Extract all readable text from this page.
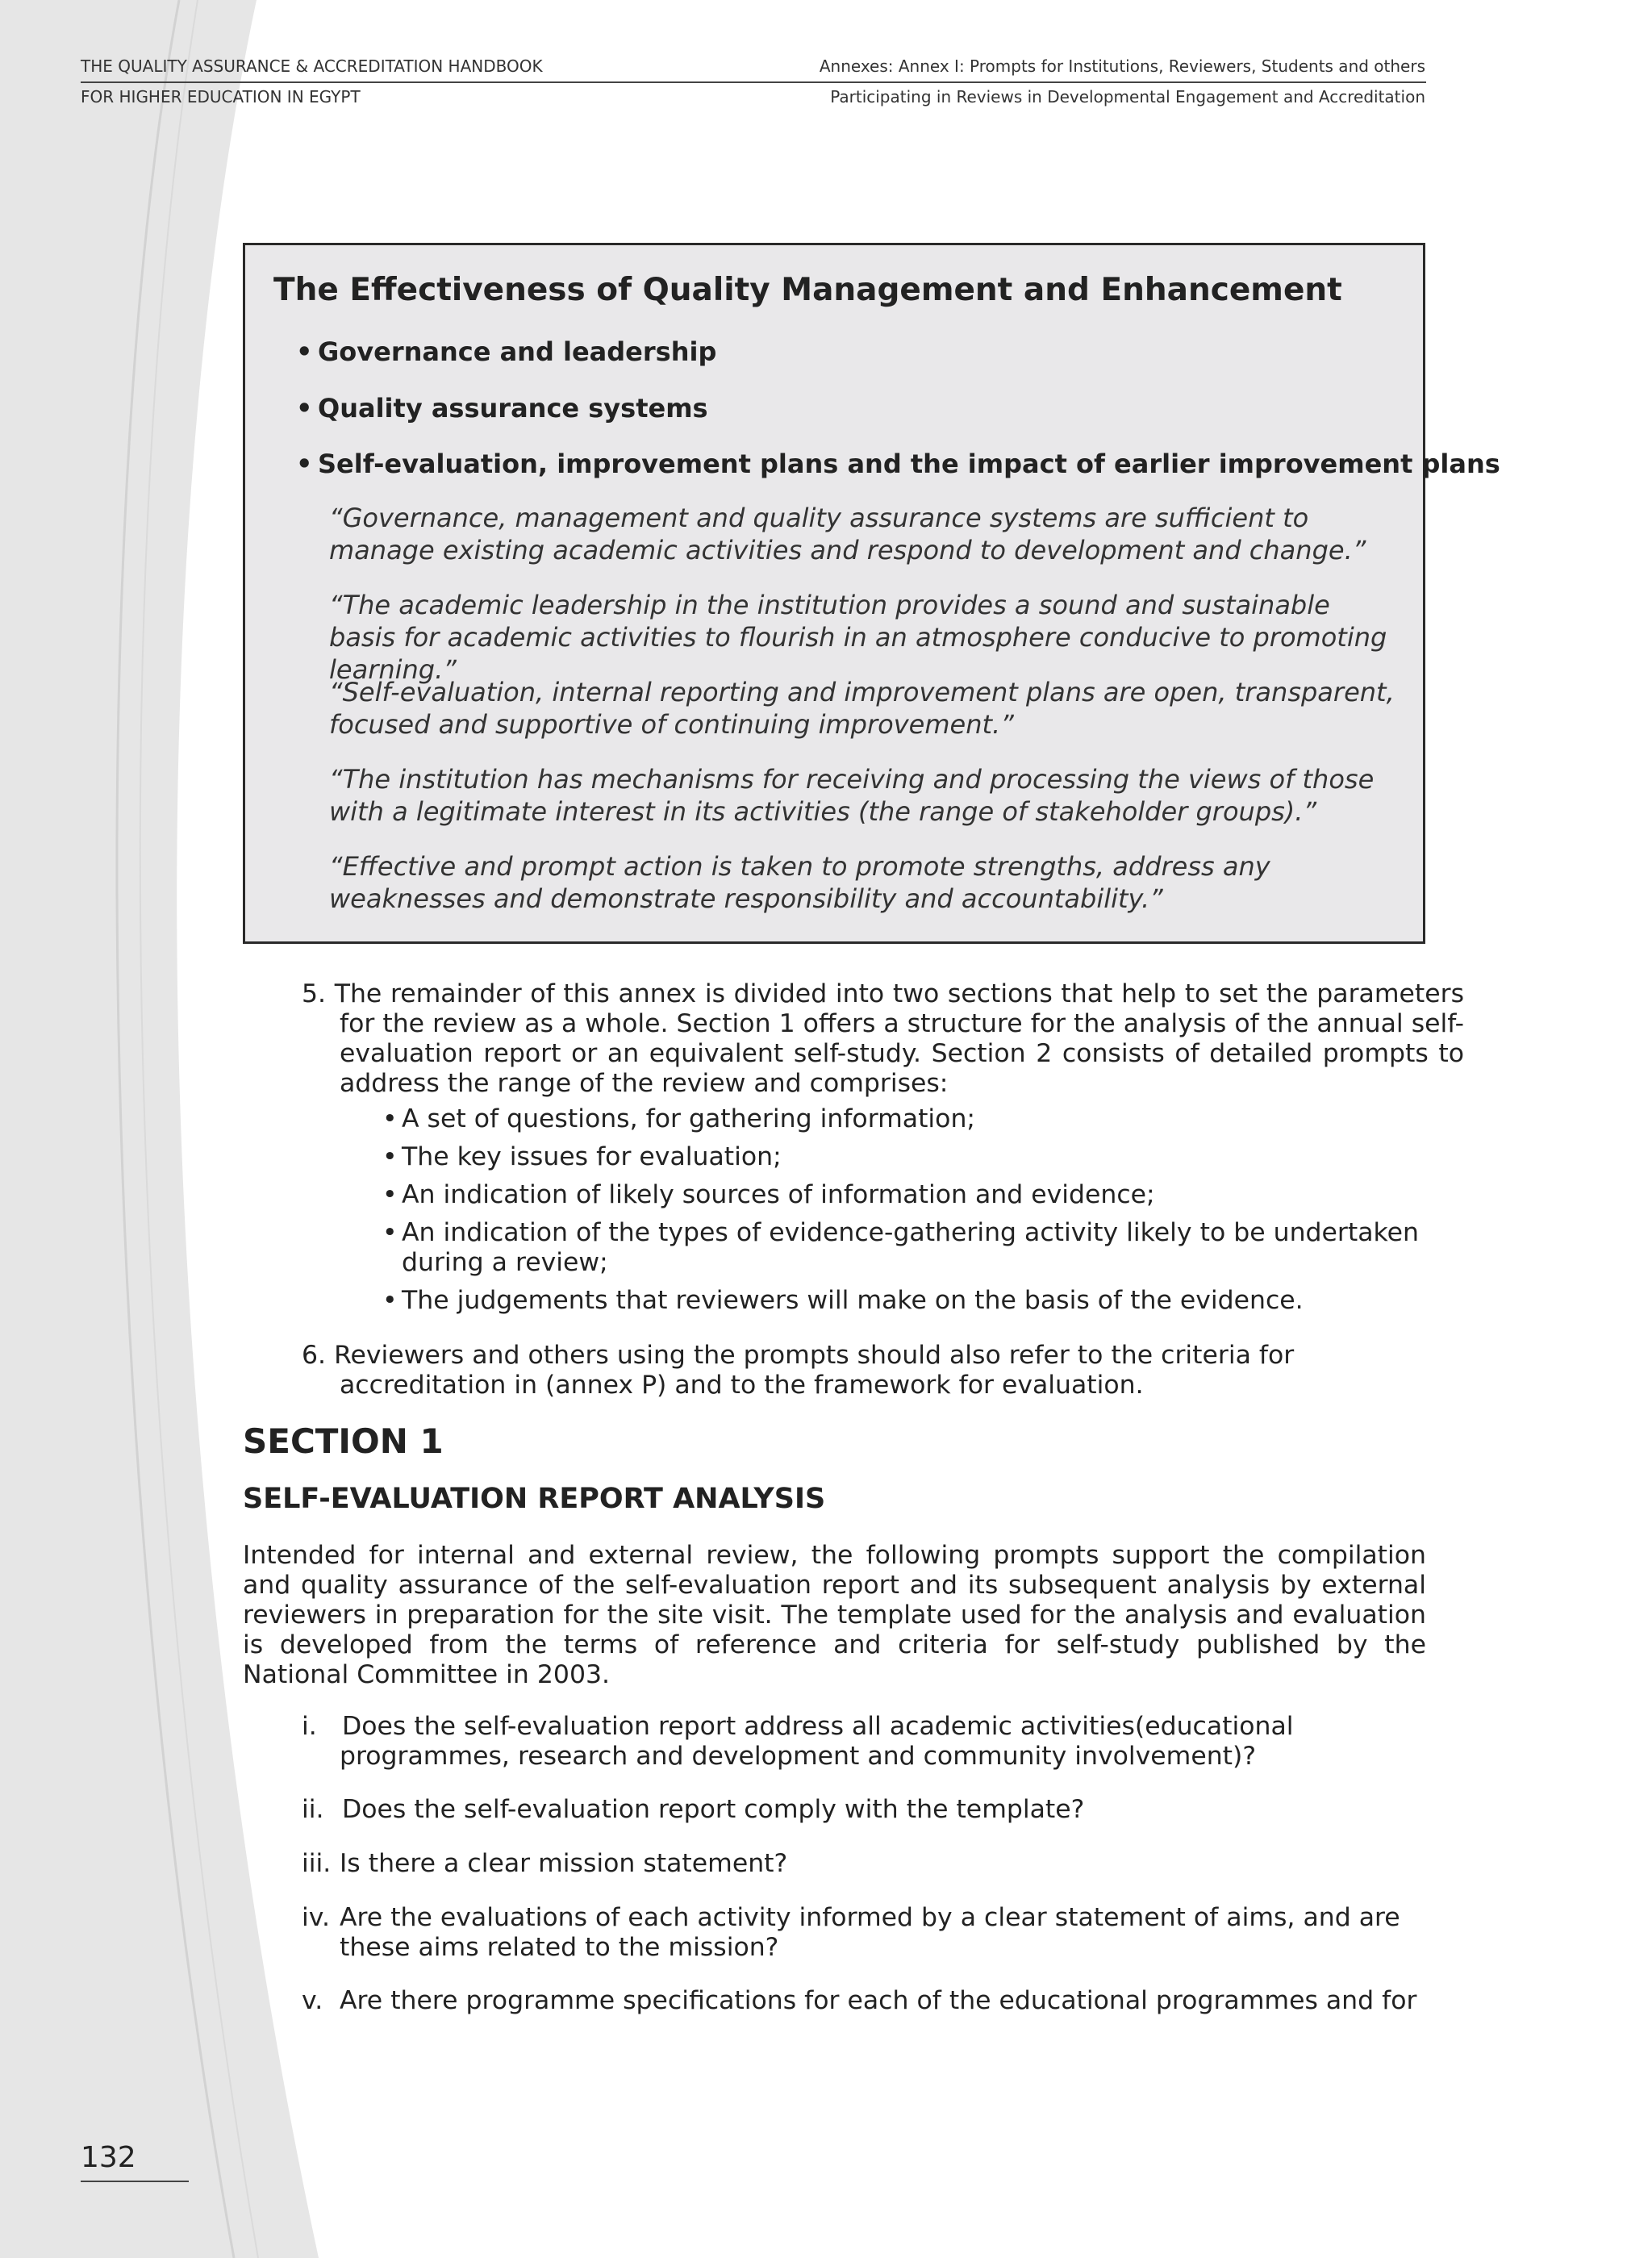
THE QUALITY ASSURANCE & ACCREDITATION HANDBOOK
FOR HIGHER EDUCATION IN EGYPT
Annexes: Annex I: Prompts for Institutions, Reviewers, Students and others
Participating in Reviews in Developmental Engagement and Accreditation
The Effectiveness of Quality Management and Enhancement
• Governance and leadership
• Quality assurance systems
• Self-evaluation, improvement plans and the impact of earlier improvement plans
“Governance, management and quality assurance systems are sufficient to manage existing academic activities and respond to development and change.”
“The academic leadership in the institution provides a sound and sustainable basis for academic activities to flourish in an atmosphere conducive to promoting learning.”
“Self-evaluation, internal reporting and improvement plans are open, transparent, focused and supportive of continuing improvement.”
“The institution has mechanisms for receiving and processing the views of those with a legitimate interest in its activities (the range of stakeholder groups).”
“Effective and prompt action is taken to promote strengths, address any weaknesses and demonstrate responsibility and accountability.”
5. The remainder of this annex is divided into two sections that help to set the parameters for the review as a whole. Section 1 offers a structure for the analysis of the annual self-evaluation report or an equivalent self-study. Section 2 consists of detailed prompts to address the range of the review and comprises:
• A set of questions, for gathering information;
• The key issues for evaluation;
• An indication of likely sources of information and evidence;
• An indication of the types of evidence-gathering activity likely to be undertaken during a review;
• The judgements that reviewers will make on the basis of the evidence.
6. Reviewers and others using the prompts should also refer to the criteria for accreditation in (annex P) and to the framework for evaluation.
SECTION 1
SELF-EVALUATION REPORT ANALYSIS
Intended for internal and external review, the following prompts support the compilation and quality assurance of the self-evaluation report and its subsequent analysis by external reviewers in preparation for the site visit. The template used for the analysis and evaluation is developed from the terms of reference and criteria for self-study published by the National Committee in 2003.
i. Does the self-evaluation report address all academic activities(educational programmes, research and development and community involvement)?
ii. Does the self-evaluation report comply with the template?
iii. Is there a clear mission statement?
iv. Are the evaluations of each activity informed by a clear statement of aims, and are these aims related to the mission?
v. Are there programme specifications for each of the educational programmes and for
132
